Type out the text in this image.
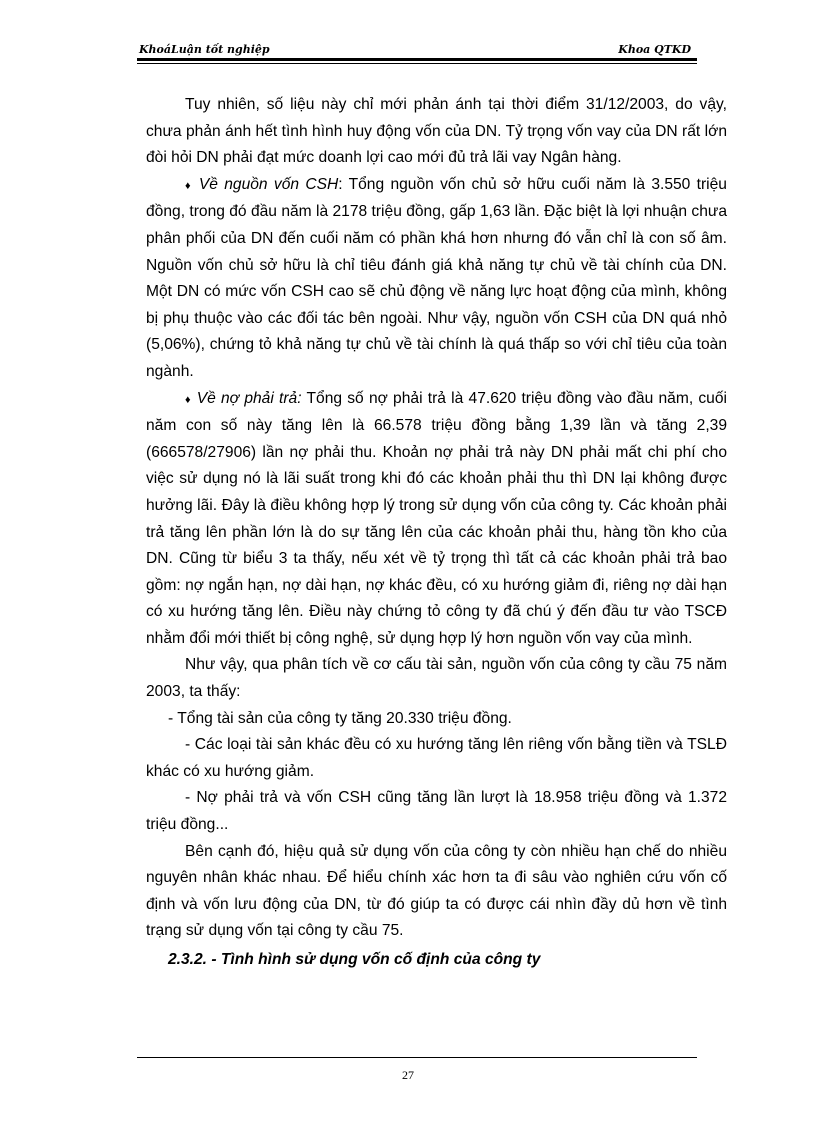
KhoáLuận tốt nghiệp	Khoa QTKD

Tuy nhiên, số liệu này chỉ mới phản ánh tại thời điểm 31/12/2003, do vậy, chưa phản ánh hết tình hình huy động vốn của DN. Tỷ trọng vốn vay của DN rất lớn đòi hỏi DN phải đạt mức doanh lợi cao mới đủ trả lãi vay Ngân hàng.

♦ Về nguồn vốn CSH: Tổng nguồn vốn chủ sở hữu cuối năm là 3.550 triệu đồng, trong đó đầu năm là 2178 triệu đồng, gấp 1,63 lần. Đặc biệt là lợi nhuận chưa phân phối của DN đến cuối năm có phần khá hơn nhưng đó vẫn chỉ là con số âm. Nguồn vốn chủ sở hữu là chỉ tiêu đánh giá khả năng tự chủ về tài chính của DN. Một DN có mức vốn CSH cao sẽ chủ động về năng lực hoạt động của mình, không bị phụ thuộc vào các đối tác bên ngoài. Như vậy, nguồn vốn CSH của DN quá nhỏ (5,06%), chứng tỏ khả năng tự chủ về tài chính là quá thấp so với chỉ tiêu của toàn ngành.

♦ Về nợ phải trả: Tổng số nợ phải trả là 47.620 triệu đồng vào đầu năm, cuối năm con số này tăng lên là 66.578 triệu đồng bằng 1,39 lần và tăng 2,39 (666578/27906) lần nợ phải thu. Khoản nợ phải trả này DN phải mất chi phí cho việc sử dụng nó là lãi suất trong khi đó các khoản phải thu thì DN lại không được hưởng lãi. Đây là điều không hợp lý trong sử dụng vốn của công ty. Các khoản phải trả tăng lên phần lớn là do sự tăng lên của các khoản phải thu, hàng tồn kho của DN. Cũng từ biểu 3 ta thấy, nếu xét về tỷ trọng thì tất cả các khoản phải trả bao gồm: nợ ngắn hạn, nợ dài hạn, nợ khác đều, có xu hướng giảm đi, riêng nợ dài hạn có xu hướng tăng lên. Điều này chứng tỏ công ty đã chú ý đến đầu tư vào TSCĐ nhằm đổi mới thiết bị công nghệ, sử dụng hợp lý hơn nguồn vốn vay của mình.

Như vậy, qua phân tích về cơ cấu tài sản, nguồn vốn của công ty cầu 75 năm 2003, ta thấy:

- Tổng tài sản của công ty tăng 20.330 triệu đồng.

- Các loại tài sản khác đều có xu hướng tăng lên riêng vốn bằng tiền và TSLĐ khác có xu hướng giảm.

- Nợ phải trả và vốn CSH cũng tăng lần lượt là 18.958 triệu đồng và 1.372 triệu đồng...

Bên cạnh đó, hiệu quả sử dụng vốn của công ty còn nhiều hạn chế do nhiều nguyên nhân khác nhau. Để hiểu chính xác hơn ta đi sâu vào nghiên cứu vốn cố định và vốn lưu động của DN, từ đó giúp ta có được cái nhìn đầy dủ hơn về tình trạng sử dụng vốn tại công ty cầu 75.

2.3.2. - Tình hình sử dụng vốn cố định của công ty

27
